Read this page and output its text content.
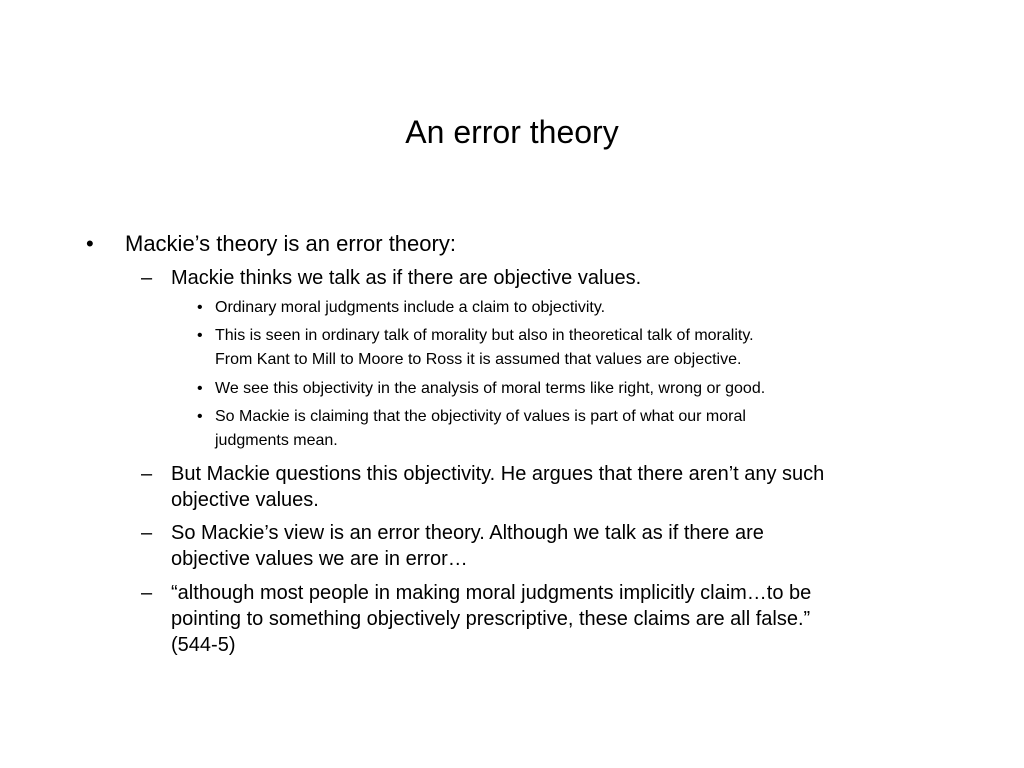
An error theory
• Mackie’s theory is an error theory:
– Mackie thinks we talk as if there are objective values.
• Ordinary moral judgments include a claim to objectivity.
• This is seen in ordinary talk of morality but also in theoretical talk of morality.
From Kant to Mill to Moore to Ross it is assumed that values are objective.
• We see this objectivity in the analysis of moral terms like right, wrong or good.
• So Mackie is claiming that the objectivity of values is part of what our moral
judgments mean.
– But Mackie questions this objectivity. He argues that there aren’t any such
objective values.
– So Mackie’s view is an error theory. Although we talk as if there are
objective values we are in error…
– “although most people in making moral judgments implicitly claim…to be
pointing to something objectively prescriptive, these claims are all false.”
(544-5)
